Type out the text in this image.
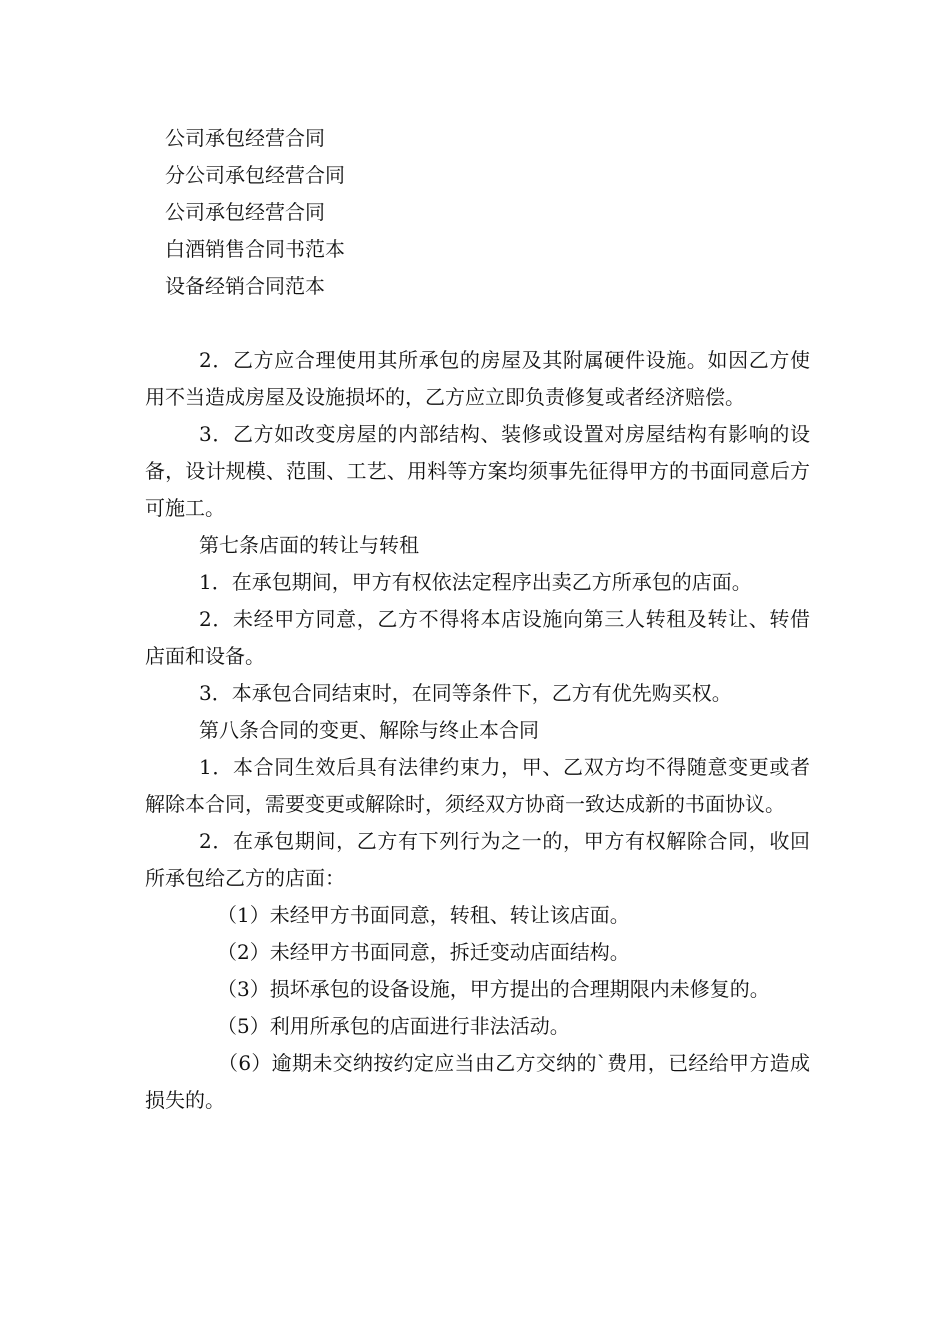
公司承包经营合同
分公司承包经营合同
公司承包经营合同
白酒销售合同书范本
设备经销合同范本

2．乙方应合理使用其所承包的房屋及其附属硬件设施。如因乙方使用不当造成房屋及设施损坏的，乙方应立即负责修复或者经济赔偿。

3．乙方如改变房屋的内部结构、装修或设置对房屋结构有影响的设备，设计规模、范围、工艺、用料等方案均须事先征得甲方的书面同意后方可施工。

第七条店面的转让与转租

1．在承包期间，甲方有权依法定程序出卖乙方所承包的店面。

2．未经甲方同意，乙方不得将本店设施向第三人转租及转让、转借店面和设备。

3．本承包合同结束时，在同等条件下，乙方有优先购买权。

第八条合同的变更、解除与终止本合同

1．本合同生效后具有法律约束力，甲、乙双方均不得随意变更或者解除本合同，需要变更或解除时，须经双方协商一致达成新的书面协议。

2．在承包期间，乙方有下列行为之一的，甲方有权解除合同，收回所承包给乙方的店面：

（1）未经甲方书面同意，转租、转让该店面。

（2）未经甲方书面同意，拆迁变动店面结构。

（3）损坏承包的设备设施，甲方提出的合理期限内未修复的。

（5）利用所承包的店面进行非法活动。

（6）逾期未交纳按约定应当由乙方交纳的`费用，已经给甲方造成损失的。
